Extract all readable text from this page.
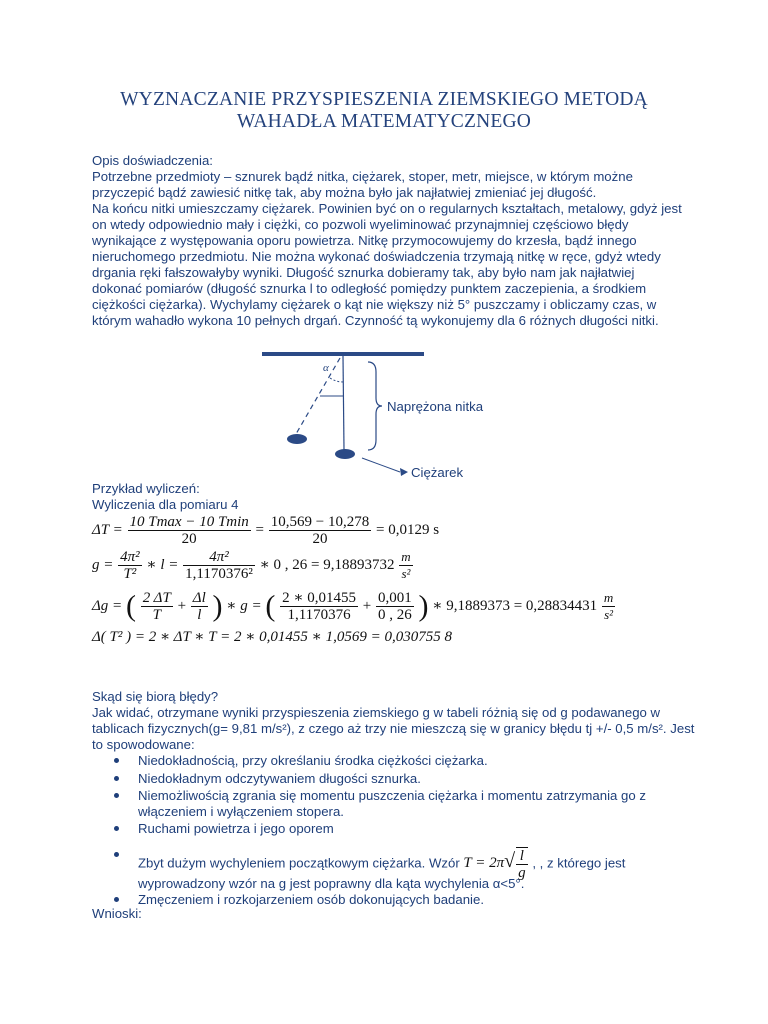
WYZNACZANIE PRZYSPIESZENIA ZIEMSKIEGO METODĄ
WAHADŁA MATEMATYCZNEGO
Opis doświadczenia:
Potrzebne przedmioty – sznurek bądź nitka, ciężarek, stoper, metr, miejsce, w którym możne
przyczepić bądź zawiesić nitkę tak, aby można było jak najłatwiej zmieniać jej długość.
Na końcu nitki umieszczamy ciężarek. Powinien być on o regularnych kształtach, metalowy, gdyż jest
on wtedy odpowiednio mały i ciężki, co pozwoli wyeliminować przynajmniej częściowo błędy
wynikające z występowania oporu powietrza. Nitkę przymocowujemy do krzesła, bądź innego
nieruchomego przedmiotu. Nie można wykonać doświadczenia trzymają nitkę w ręce, gdyż wtedy
drgania ręki fałszowałyby wyniki. Długość sznurka dobieramy tak, aby było nam jak najłatwiej
dokonać pomiarów (długość sznurka l to odległość pomiędzy punktem zaczepienia, a środkiem
ciężkości ciężarka). Wychylamy ciężarek o kąt nie większy niż 5° puszczamy i obliczamy czas, w
którym wahadło wykona 10 pełnych drgań. Czynność tą wykonujemy dla 6 różnych długości nitki.
α
Naprężona nitka
Ciężarek
Przykład wyliczeń:
Wyliczenia dla pomiaru 4
$\Delta T = \frac{10 Tmax - 10 Tmin}{20} = \frac{10,569 - 10,278}{20} = 0,0129$ s
$g = \frac{\text{4π²}}{\text{T²}}$ ∗ $l = \frac{\text{4π²}}{\text{1,1170376²}}$ ∗ 0 , $26 = 9,18893732 \frac{m}{\text{s²}}$
Δg = ( $\frac{2 \Delta T}{T} + \frac{\Delta l}{l}$ ) ∗ g = ( $\frac{2 ∗ 0,01455}{1,1170376} + \frac{0,001}{0 , 26}$ ) ∗ $9,1889373 = 0,28834431 \frac{m}{\text{s²}}$
Δ( T² ) = 2 ∗ ΔT ∗ T = 2 ∗ 0,01455 ∗ 1,0569 = 0,030755 8
Skąd się biorą błędy?
Jak widać, otrzymane wyniki przyspieszenia ziemskiego g w tabeli różnią się od g podawanego w
tablicach fizycznych(g= 9,81 m/s²), z czego aż trzy nie mieszczą się w granicy błędu tj +/- 0,5 m/s². Jest
to spowodowane:
Niedokładnością, przy określaniu środka ciężkości ciężarka.
Niedokładnym odczytywaniem długości sznurka.
Niemożliwością zgrania się momentu puszczenia ciężarka i momentu zatrzymania go z
włączeniem i wyłączeniem stopera.
Ruchami powietrza i jego oporem
Zbyt dużym wychyleniem początkowym ciężarka. Wzór $T = 2\pi√ \frac{l}{g}$ , , z którego jest
wyprowadzony wzór na g jest poprawny dla kąta wychylenia α<5°.
Zmęczeniem i rozkojarzeniem osób dokonujących badanie.
Wnioski:
